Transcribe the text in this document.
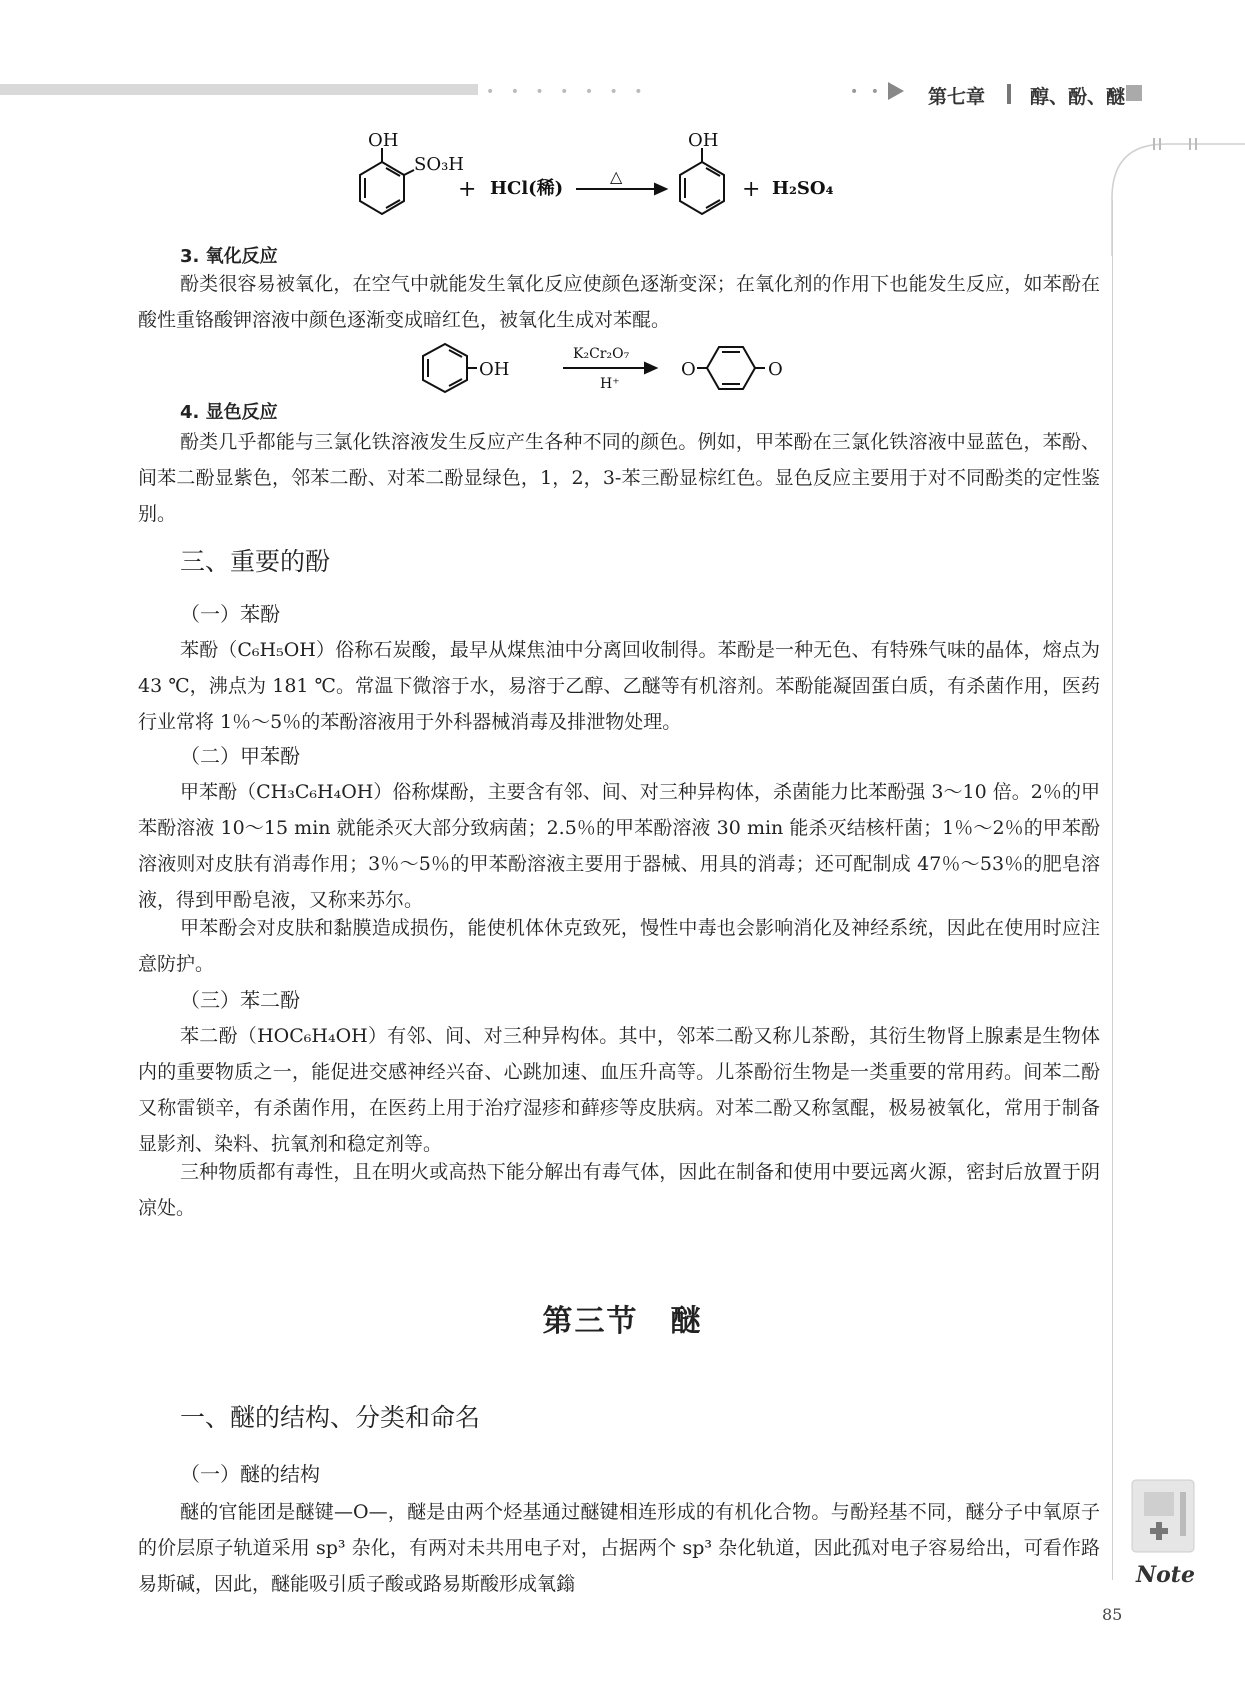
• • • • • • •	• • • 第七章 醇、酚、醚
OH
SO₃H
+ HCl(稀)
△
OH
+ H₂SO₄
3. 氧化反应

酚类很容易被氧化，在空气中就能发生氧化反应使颜色逐渐变深；在氧化剂的作用下也能发生反应，如苯酚在酸性重铬酸钾溶液中颜色逐渐变成暗红色，被氧化生成对苯醌。

OH
K₂Cr₂O₇
H⁺
O	O
4. 显色反应

酚类几乎都能与三氯化铁溶液发生反应产生各种不同的颜色。例如，甲苯酚在三氯化铁溶液中显蓝色，苯酚、间苯二酚显紫色，邻苯二酚、对苯二酚显绿色，1，2，3-苯三酚显棕红色。显色反应主要用于对不同酚类的定性鉴别。

三、重要的酚
（一）苯酚

苯酚（C₆H₅OH）俗称石炭酸，最早从煤焦油中分离回收制得。苯酚是一种无色、有特殊气味的晶体，熔点为43 ℃，沸点为 181 ℃。常温下微溶于水，易溶于乙醇、乙醚等有机溶剂。苯酚能凝固蛋白质，有杀菌作用，医药行业常将 1％～5％的苯酚溶液用于外科器械消毒及排泄物处理。

（二）甲苯酚

甲苯酚（CH₃C₆H₄OH）俗称煤酚，主要含有邻、间、对三种异构体，杀菌能力比苯酚强 3～10 倍。2％的甲苯酚溶液 10～15 min 就能杀灭大部分致病菌；2.5％的甲苯酚溶液 30 min 能杀灭结核杆菌；1％～2％的甲苯酚溶液则对皮肤有消毒作用；3％～5％的甲苯酚溶液主要用于器械、用具的消毒；还可配制成 47％～53％的肥皂溶液，得到甲酚皂液，又称来苏尔。

甲苯酚会对皮肤和黏膜造成损伤，能使机体休克致死，慢性中毒也会影响消化及神经系统，因此在使用时应注意防护。

（三）苯二酚

苯二酚（HOC₆H₄OH）有邻、间、对三种异构体。其中，邻苯二酚又称儿茶酚，其衍生物肾上腺素是生物体内的重要物质之一，能促进交感神经兴奋、心跳加速、血压升高等。儿茶酚衍生物是一类重要的常用药。间苯二酚又称雷锁辛，有杀菌作用，在医药上用于治疗湿疹和藓疹等皮肤病。对苯二酚又称氢醌，极易被氧化，常用于制备显影剂、染料、抗氧剂和稳定剂等。

三种物质都有毒性，且在明火或高热下能分解出有毒气体，因此在制备和使用中要远离火源，密封后放置于阴凉处。

第三节　醚
一、醚的结构、分类和命名
（一）醚的结构

醚的官能团是醚键—O—，醚是由两个烃基通过醚键相连形成的有机化合物。与酚羟基不同，醚分子中氧原子的价层原子轨道采用 sp³ 杂化，有两对未共用电子对，占据两个 sp³ 杂化轨道，因此孤对电子容易给出，可看作路易斯碱，因此，醚能吸引质子酸或路易斯酸形成氧鎓	Note
85
